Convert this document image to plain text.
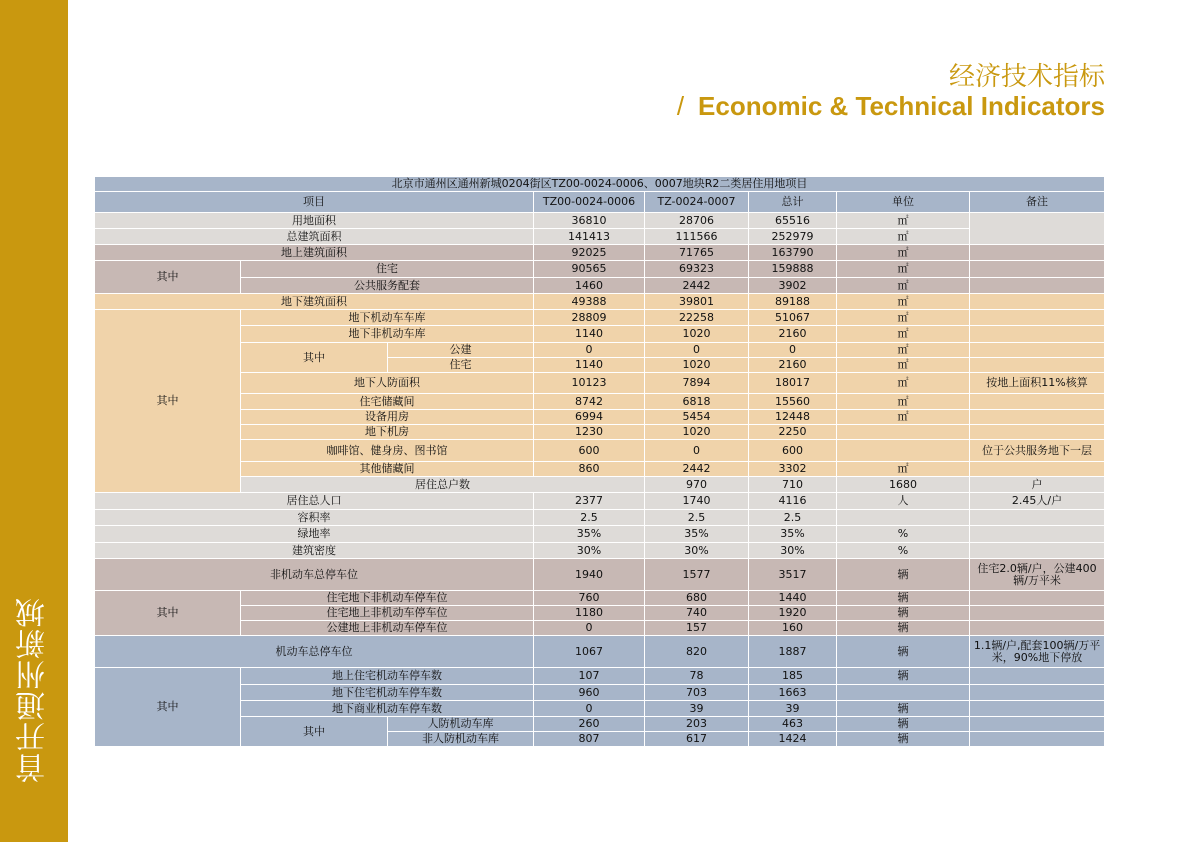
首开通州新城
经济技术指标
/ Economic & Technical Indicators
北京市通州区通州新城0204街区TZ00-0024-0006、0007地块R2二类居住用地项目								
项目			TZ00-0024-0006	TZ-0024-0007	总计	单位	备注	
用地面积			36810	28706	65516	㎡		
总建筑面积			141413	111566	252979	㎡		
地上建筑面积			92025	71765	163790	㎡		
其中	住宅		90565	69323	159888	㎡		
	公共服务配套		1460	2442	3902	㎡		
地下建筑面积			49388	39801	89188	㎡		
其中	地下机动车车库		28809	22258	51067	㎡		
	地下非机动车库		1140	1020	2160	㎡		
	其中	公建	0	0	0	㎡		
		住宅	1140	1020	2160	㎡		
	地下人防面积		10123	7894	18017	㎡	按地上面积11%核算	
	住宅储藏间		8742	6818	15560	㎡		
	设备用房		6994	5454	12448	㎡		
	地下机房		1230	1020	2250			
	咖啡馆、健身房、图书馆		600	0	600		位于公共服务地下一层	
	其他储藏间		860	2442	3302	㎡		
	居住总户数			970	710	1680	户	
居住总人口			2377	1740	4116	人	2.45人/户	
容积率			2.5	2.5	2.5			
绿地率			35%	35%	35%	%		
建筑密度			30%	30%	30%	%		
非机动车总停车位			1940	1577	3517	辆	住宅2.0辆/户，公建400辆/万平米	
其中	住宅地下非机动车停车位		760	680	1440	辆		
	住宅地上非机动车停车位		1180	740	1920	辆		
	公建地上非机动车停车位		0	157	160	辆		
机动车总停车位			1067	820	1887	辆	1.1辆/户,配套100辆/万平米，90%地下停放	
其中	地上住宅机动车停车数		107	78	185	辆		
	地下住宅机动车停车数		960	703	1663			
	地下商业机动车停车数		0	39	39	辆		
	其中	人防机动车库	260	203	463	辆		
		非人防机动车库	807	617	1424	辆		
